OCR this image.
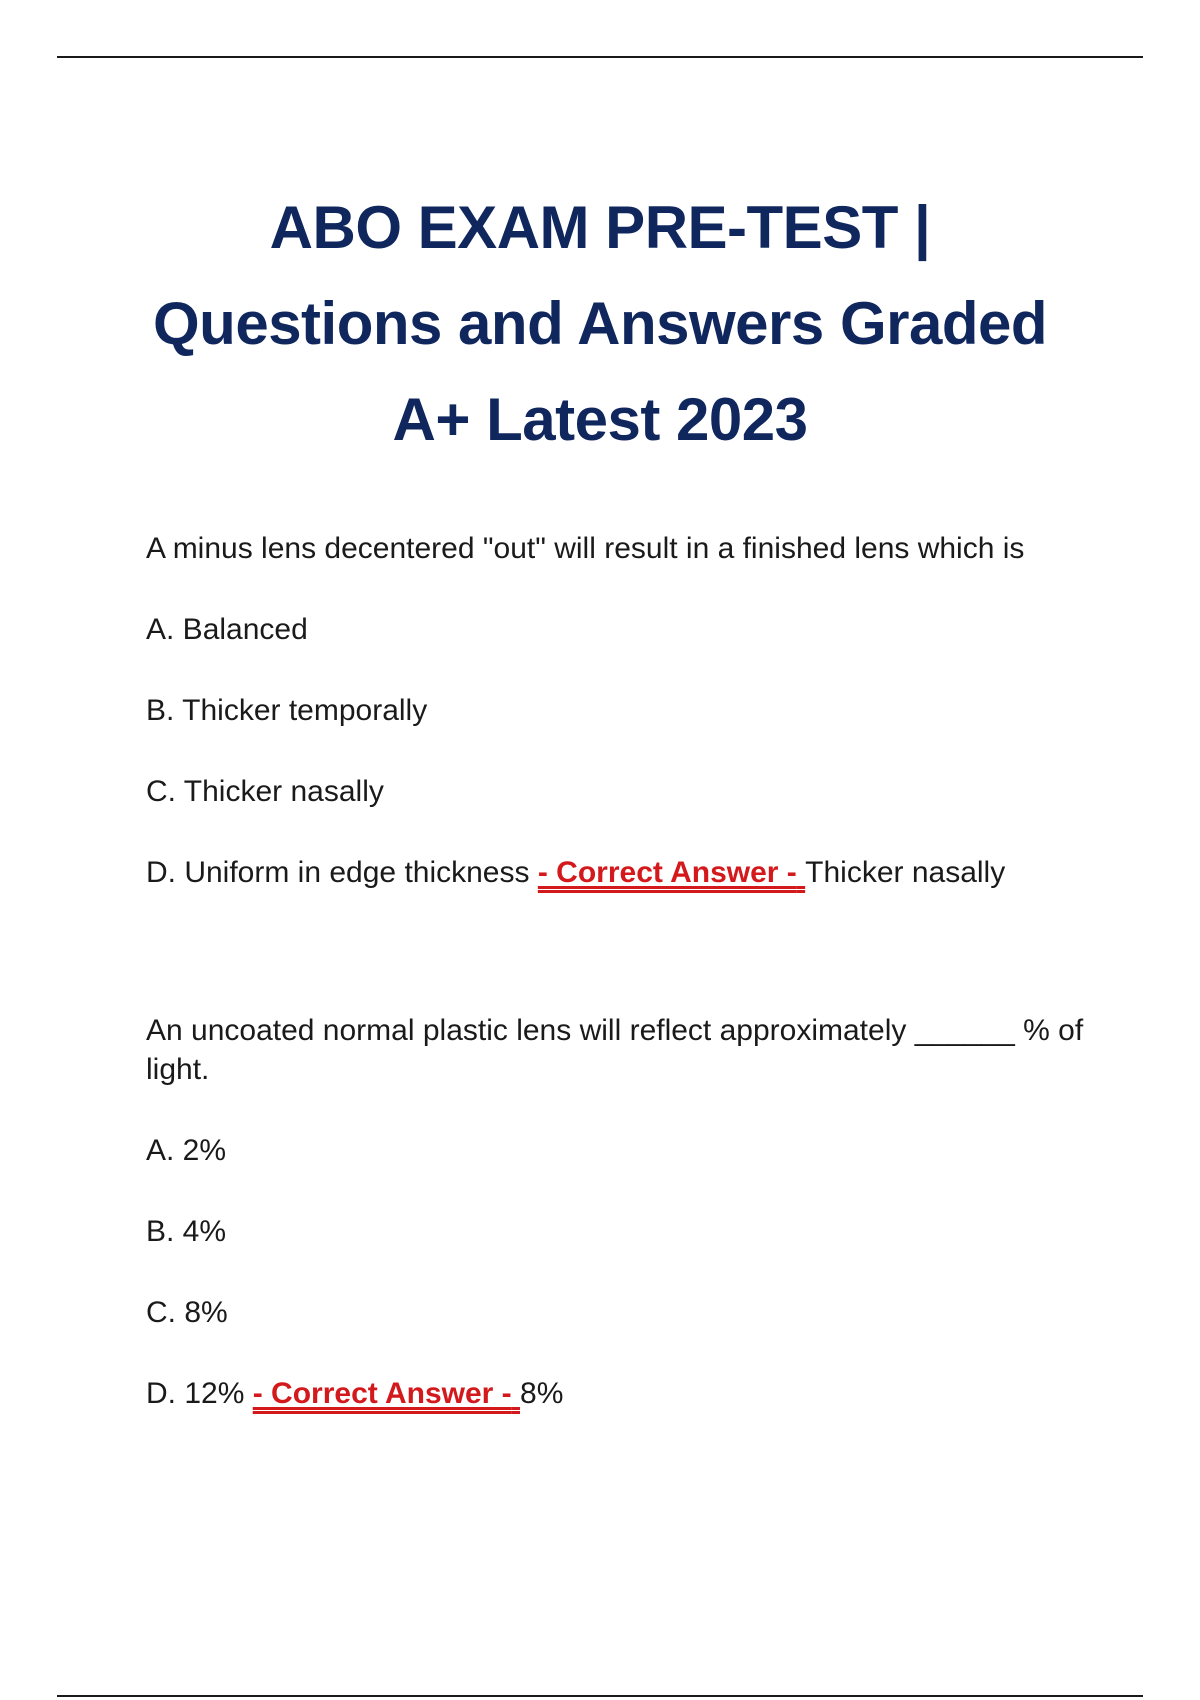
ABO EXAM PRE-TEST |
Questions and Answers Graded
A+ Latest 2023

A minus lens decentered "out" will result in a finished lens which is

A. Balanced

B. Thicker temporally

C. Thicker nasally

D. Uniform in edge thickness - Correct Answer - Thicker nasally

An uncoated normal plastic lens will reflect approximately ______ % of light.

A. 2%

B. 4%

C. 8%

D. 12% - Correct Answer - 8%
